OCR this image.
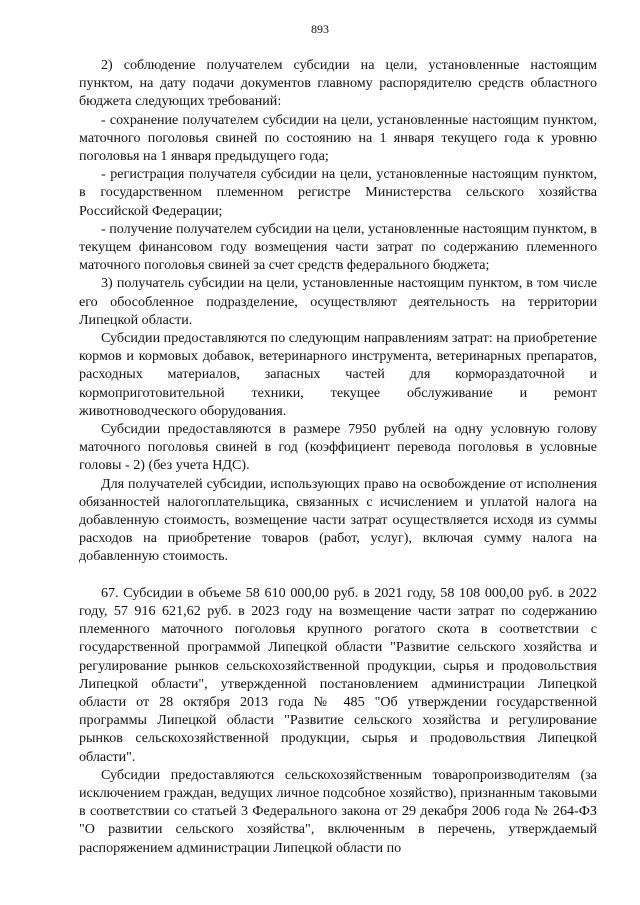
893

2) соблюдение получателем субсидии на цели, установленные настоящим пунктом, на дату подачи документов главному распорядителю средств областного бюджета следующих требований:

- сохранение получателем субсидии на цели, установленные настоящим пунктом, маточного поголовья свиней по состоянию на 1 января текущего года к уровню поголовья на 1 января предыдущего года;

- регистрация получателя субсидии на цели, установленные настоящим пунктом, в государственном племенном регистре Министерства сельского хозяйства Российской Федерации;

- получение получателем субсидии на цели, установленные настоящим пунктом, в текущем финансовом году возмещения части затрат по содержанию племенного маточного поголовья свиней за счет средств федерального бюджета;

3) получатель субсидии на цели, установленные настоящим пунктом, в том числе его обособленное подразделение, осуществляют деятельность на территории Липецкой области.

Субсидии предоставляются по следующим направлениям затрат: на приобретение кормов и кормовых добавок, ветеринарного инструмента, ветеринарных препаратов, расходных материалов, запасных частей для кормораздаточной и кормоприготовительной техники, текущее обслуживание и ремонт животноводческого оборудования.

Субсидии предоставляются в размере 7950 рублей на одну условную голову маточного поголовья свиней в год (коэффициент перевода поголовья в условные головы - 2) (без учета НДС).

Для получателей субсидии, использующих право на освобождение от исполнения обязанностей налогоплательщика, связанных с исчислением и уплатой налога на добавленную стоимость, возмещение части затрат осуществляется исходя из суммы расходов на приобретение товаров (работ, услуг), включая сумму налога на добавленную стоимость.

67. Субсидии в объеме 58 610 000,00 руб. в 2021 году, 58 108 000,00 руб. в 2022 году, 57 916 621,62 руб. в 2023 году на возмещение части затрат по содержанию племенного маточного поголовья крупного рогатого скота в соответствии с государственной программой Липецкой области "Развитие сельского хозяйства и регулирование рынков сельскохозяйственной продукции, сырья и продовольствия Липецкой области", утвержденной постановлением администрации Липецкой области от 28 октября 2013 года № 485 "Об утверждении государственной программы Липецкой области "Развитие сельского хозяйства и регулирование рынков сельскохозяйственной продукции, сырья и продовольствия Липецкой области".

Субсидии предоставляются сельскохозяйственным товаропроизводителям (за исключением граждан, ведущих личное подсобное хозяйство), признанным таковыми в соответствии со статьей 3 Федерального закона от 29 декабря 2006 года № 264-ФЗ "О развитии сельского хозяйства", включенным в перечень, утверждаемый распоряжением администрации Липецкой области по
